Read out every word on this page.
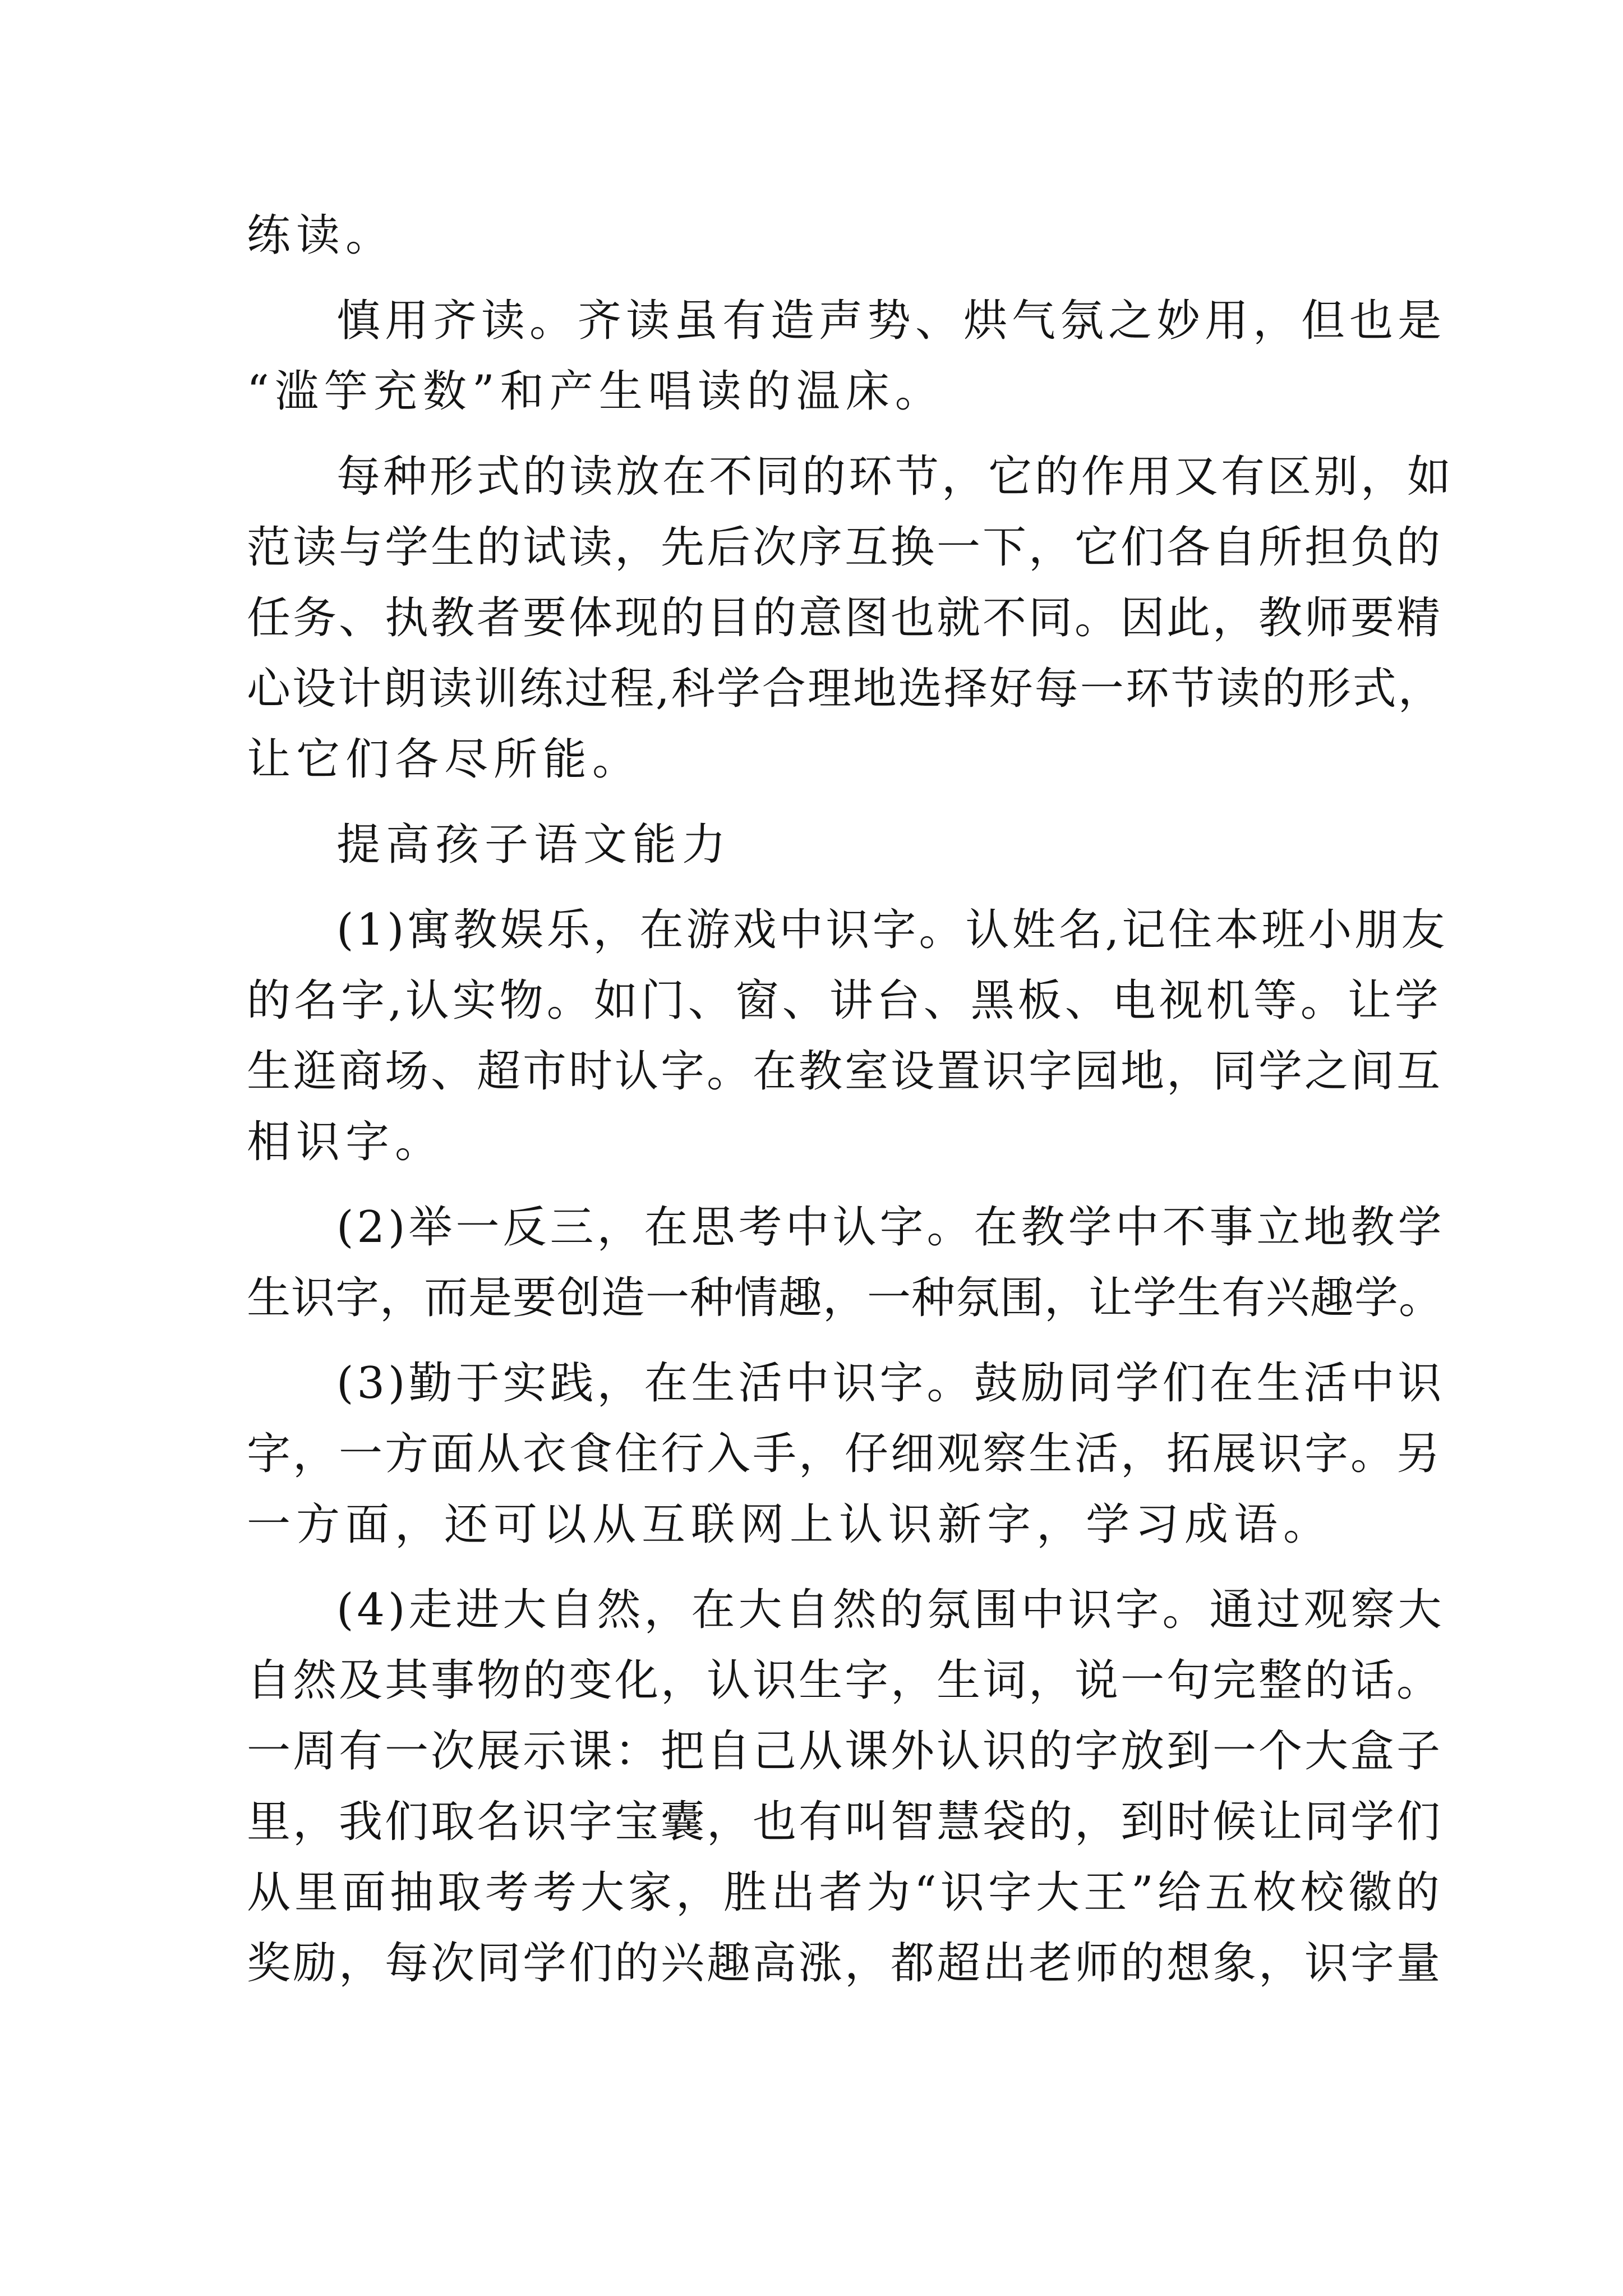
练读。
慎用齐读。齐读虽有造声势、烘气氛之妙用，但也是
“滥竽充数”和产生唱读的温床。
每种形式的读放在不同的环节，它的作用又有区别，如
范读与学生的试读，先后次序互换一下，它们各自所担负的
任务、执教者要体现的目的意图也就不同。因此，教师要精
心设计朗读训练过程,科学合理地选择好每一环节读的形式，
让它们各尽所能。
提高孩子语文能力
(1)寓教娱乐，在游戏中识字。认姓名,记住本班小朋友
的名字,认实物。如门、窗、讲台、黑板、电视机等。让学
生逛商场、超市时认字。在教室设置识字园地，同学之间互
相识字。
(2)举一反三，在思考中认字。在教学中不事立地教学
生识字，而是要创造一种情趣，一种氛围，让学生有兴趣学。
(3)勤于实践，在生活中识字。鼓励同学们在生活中识
字，一方面从衣食住行入手，仔细观察生活，拓展识字。另
一方面，还可以从互联网上认识新字，学习成语。
(4)走进大自然，在大自然的氛围中识字。通过观察大
自然及其事物的变化，认识生字，生词，说一句完整的话。
一周有一次展示课：把自己从课外认识的字放到一个大盒子
里，我们取名识字宝囊，也有叫智慧袋的，到时候让同学们
从里面抽取考考大家，胜出者为“识字大王”给五枚校徽的
奖励，每次同学们的兴趣高涨，都超出老师的想象，识字量
